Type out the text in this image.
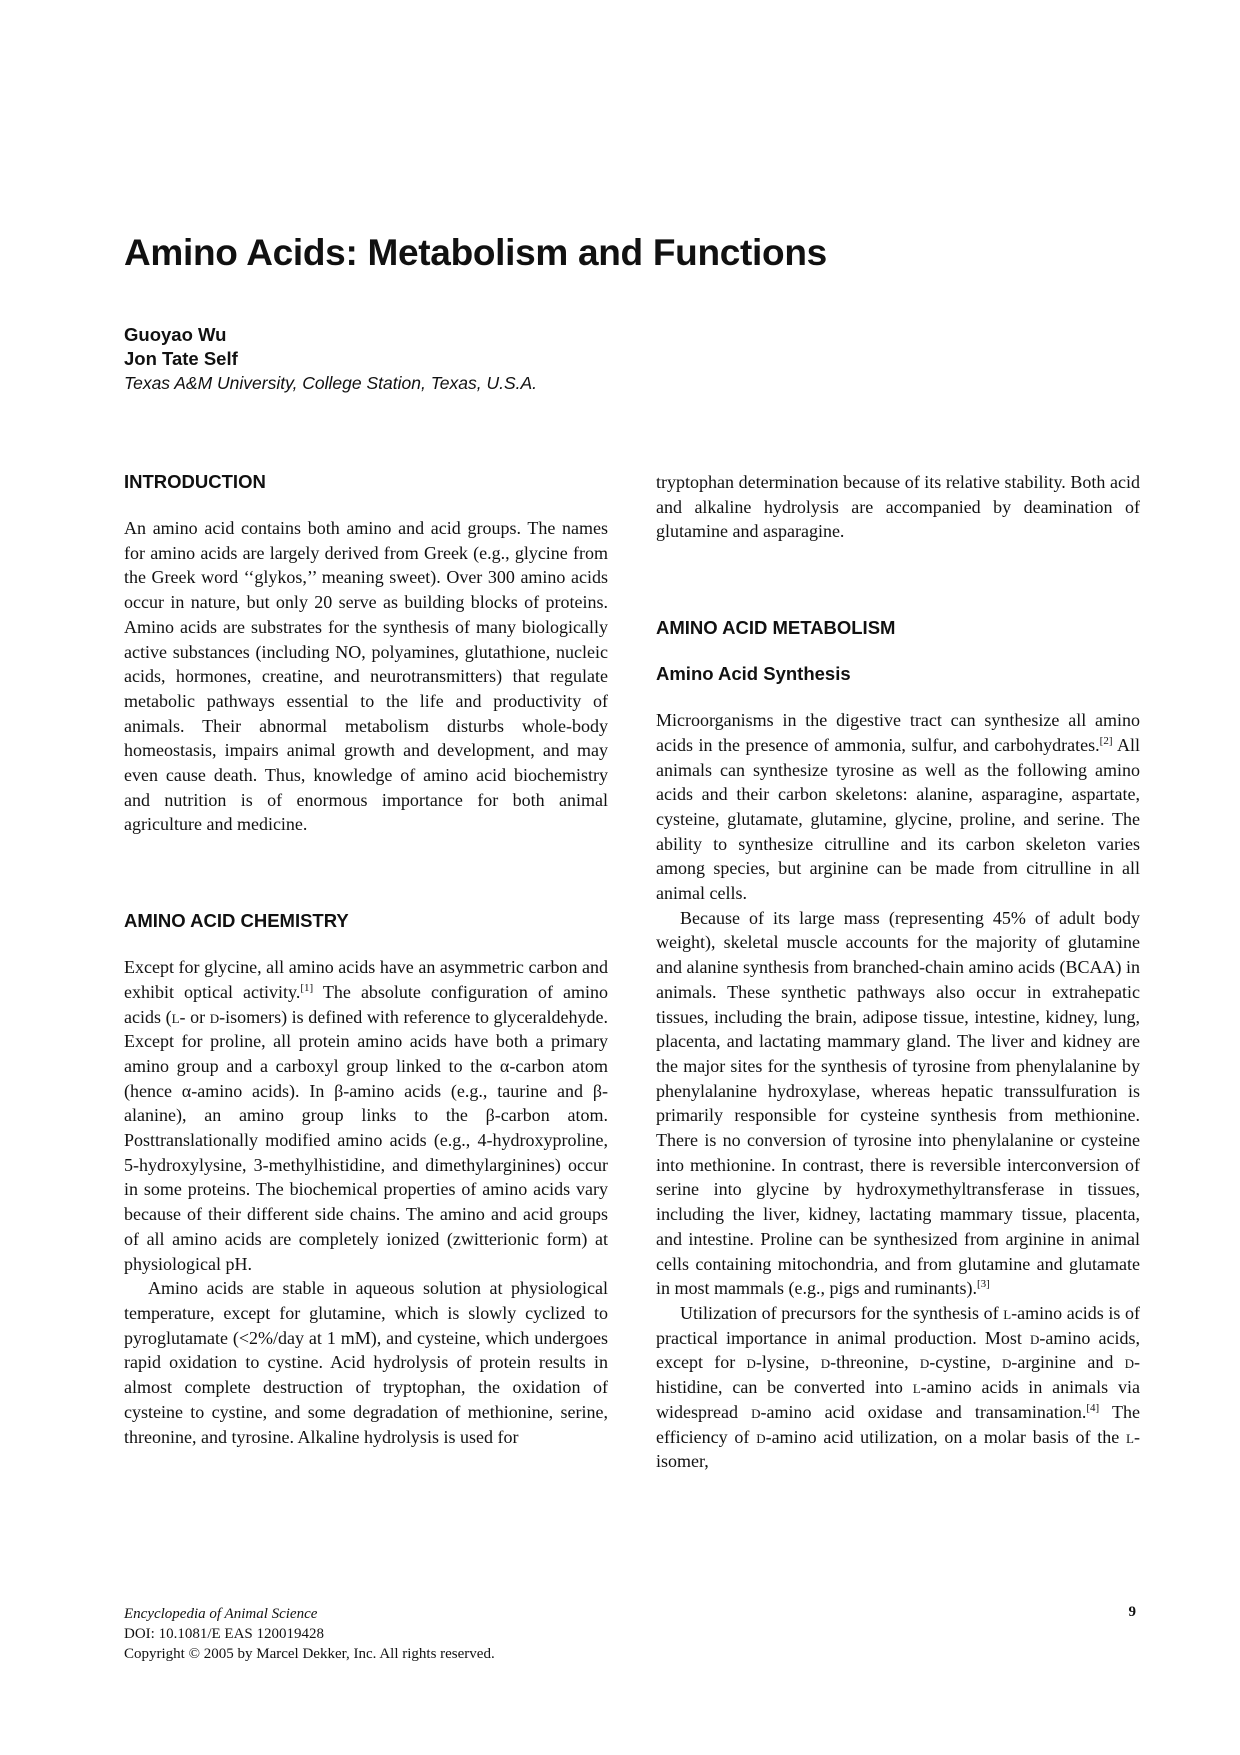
Amino Acids: Metabolism and Functions
Guoyao Wu
Jon Tate Self
Texas A&M University, College Station, Texas, U.S.A.
INTRODUCTION

An amino acid contains both amino and acid groups. The names for amino acids are largely derived from Greek (e.g., glycine from the Greek word ‘‘glykos,’’ meaning sweet). Over 300 amino acids occur in nature, but only 20 serve as building blocks of proteins. Amino acids are substrates for the synthesis of many biologically active substances (including NO, polyamines, glutathione, nucleic acids, hormones, creatine, and neurotransmitters) that regulate metabolic pathways essential to the life and productivity of animals. Their abnormal metabolism disturbs whole-body homeostasis, impairs animal growth and development, and may even cause death. Thus, knowledge of amino acid biochemistry and nutrition is of enormous importance for both animal agriculture and medicine.

AMINO ACID CHEMISTRY

Except for glycine, all amino acids have an asymmetric carbon and exhibit optical activity.[1] The absolute configuration of amino acids (l- or d-isomers) is defined with reference to glyceraldehyde. Except for proline, all protein amino acids have both a primary amino group and a carboxyl group linked to the α-carbon atom (hence α-amino acids). In β-amino acids (e.g., taurine and β-alanine), an amino group links to the β-carbon atom. Posttranslationally modified amino acids (e.g., 4-hydroxyproline, 5-hydroxylysine, 3-methylhistidine, and dimethylarginines) occur in some proteins. The biochemical properties of amino acids vary because of their different side chains. The amino and acid groups of all amino acids are completely ionized (zwitterionic form) at physiological pH.

Amino acids are stable in aqueous solution at physiological temperature, except for glutamine, which is slowly cyclized to pyroglutamate (<2%/day at 1 mM), and cysteine, which undergoes rapid oxidation to cystine. Acid hydrolysis of protein results in almost complete destruction of tryptophan, the oxidation of cysteine to cystine, and some degradation of methionine, serine, threonine, and tyrosine. Alkaline hydrolysis is used for

tryptophan determination because of its relative stability. Both acid and alkaline hydrolysis are accompanied by deamination of glutamine and asparagine.

AMINO ACID METABOLISM
Amino Acid Synthesis

Microorganisms in the digestive tract can synthesize all amino acids in the presence of ammonia, sulfur, and carbohydrates.[2] All animals can synthesize tyrosine as well as the following amino acids and their carbon skeletons: alanine, asparagine, aspartate, cysteine, glutamate, glutamine, glycine, proline, and serine. The ability to synthesize citrulline and its carbon skeleton varies among species, but arginine can be made from citrulline in all animal cells.

Because of its large mass (representing 45% of adult body weight), skeletal muscle accounts for the majority of glutamine and alanine synthesis from branched-chain amino acids (BCAA) in animals. These synthetic pathways also occur in extrahepatic tissues, including the brain, adipose tissue, intestine, kidney, lung, placenta, and lactating mammary gland. The liver and kidney are the major sites for the synthesis of tyrosine from phenylalanine by phenylalanine hydroxylase, whereas hepatic transsulfuration is primarily responsible for cysteine synthesis from methionine. There is no conversion of tyrosine into phenylalanine or cysteine into methionine. In contrast, there is reversible interconversion of serine into glycine by hydroxymethyltransferase in tissues, including the liver, kidney, lactating mammary tissue, placenta, and intestine. Proline can be synthesized from arginine in animal cells containing mitochondria, and from glutamine and glutamate in most mammals (e.g., pigs and ruminants).[3]

Utilization of precursors for the synthesis of l-amino acids is of practical importance in animal production. Most d-amino acids, except for d-lysine, d-threonine, d-cystine, d-arginine and d-histidine, can be converted into l-amino acids in animals via widespread d-amino acid oxidase and transamination.[4] The efficiency of d-amino acid utilization, on a molar basis of the l-isomer,

Encyclopedia of Animal Science
DOI: 10.1081/E EAS 120019428
Copyright © 2005 by Marcel Dekker, Inc. All rights reserved.
9
